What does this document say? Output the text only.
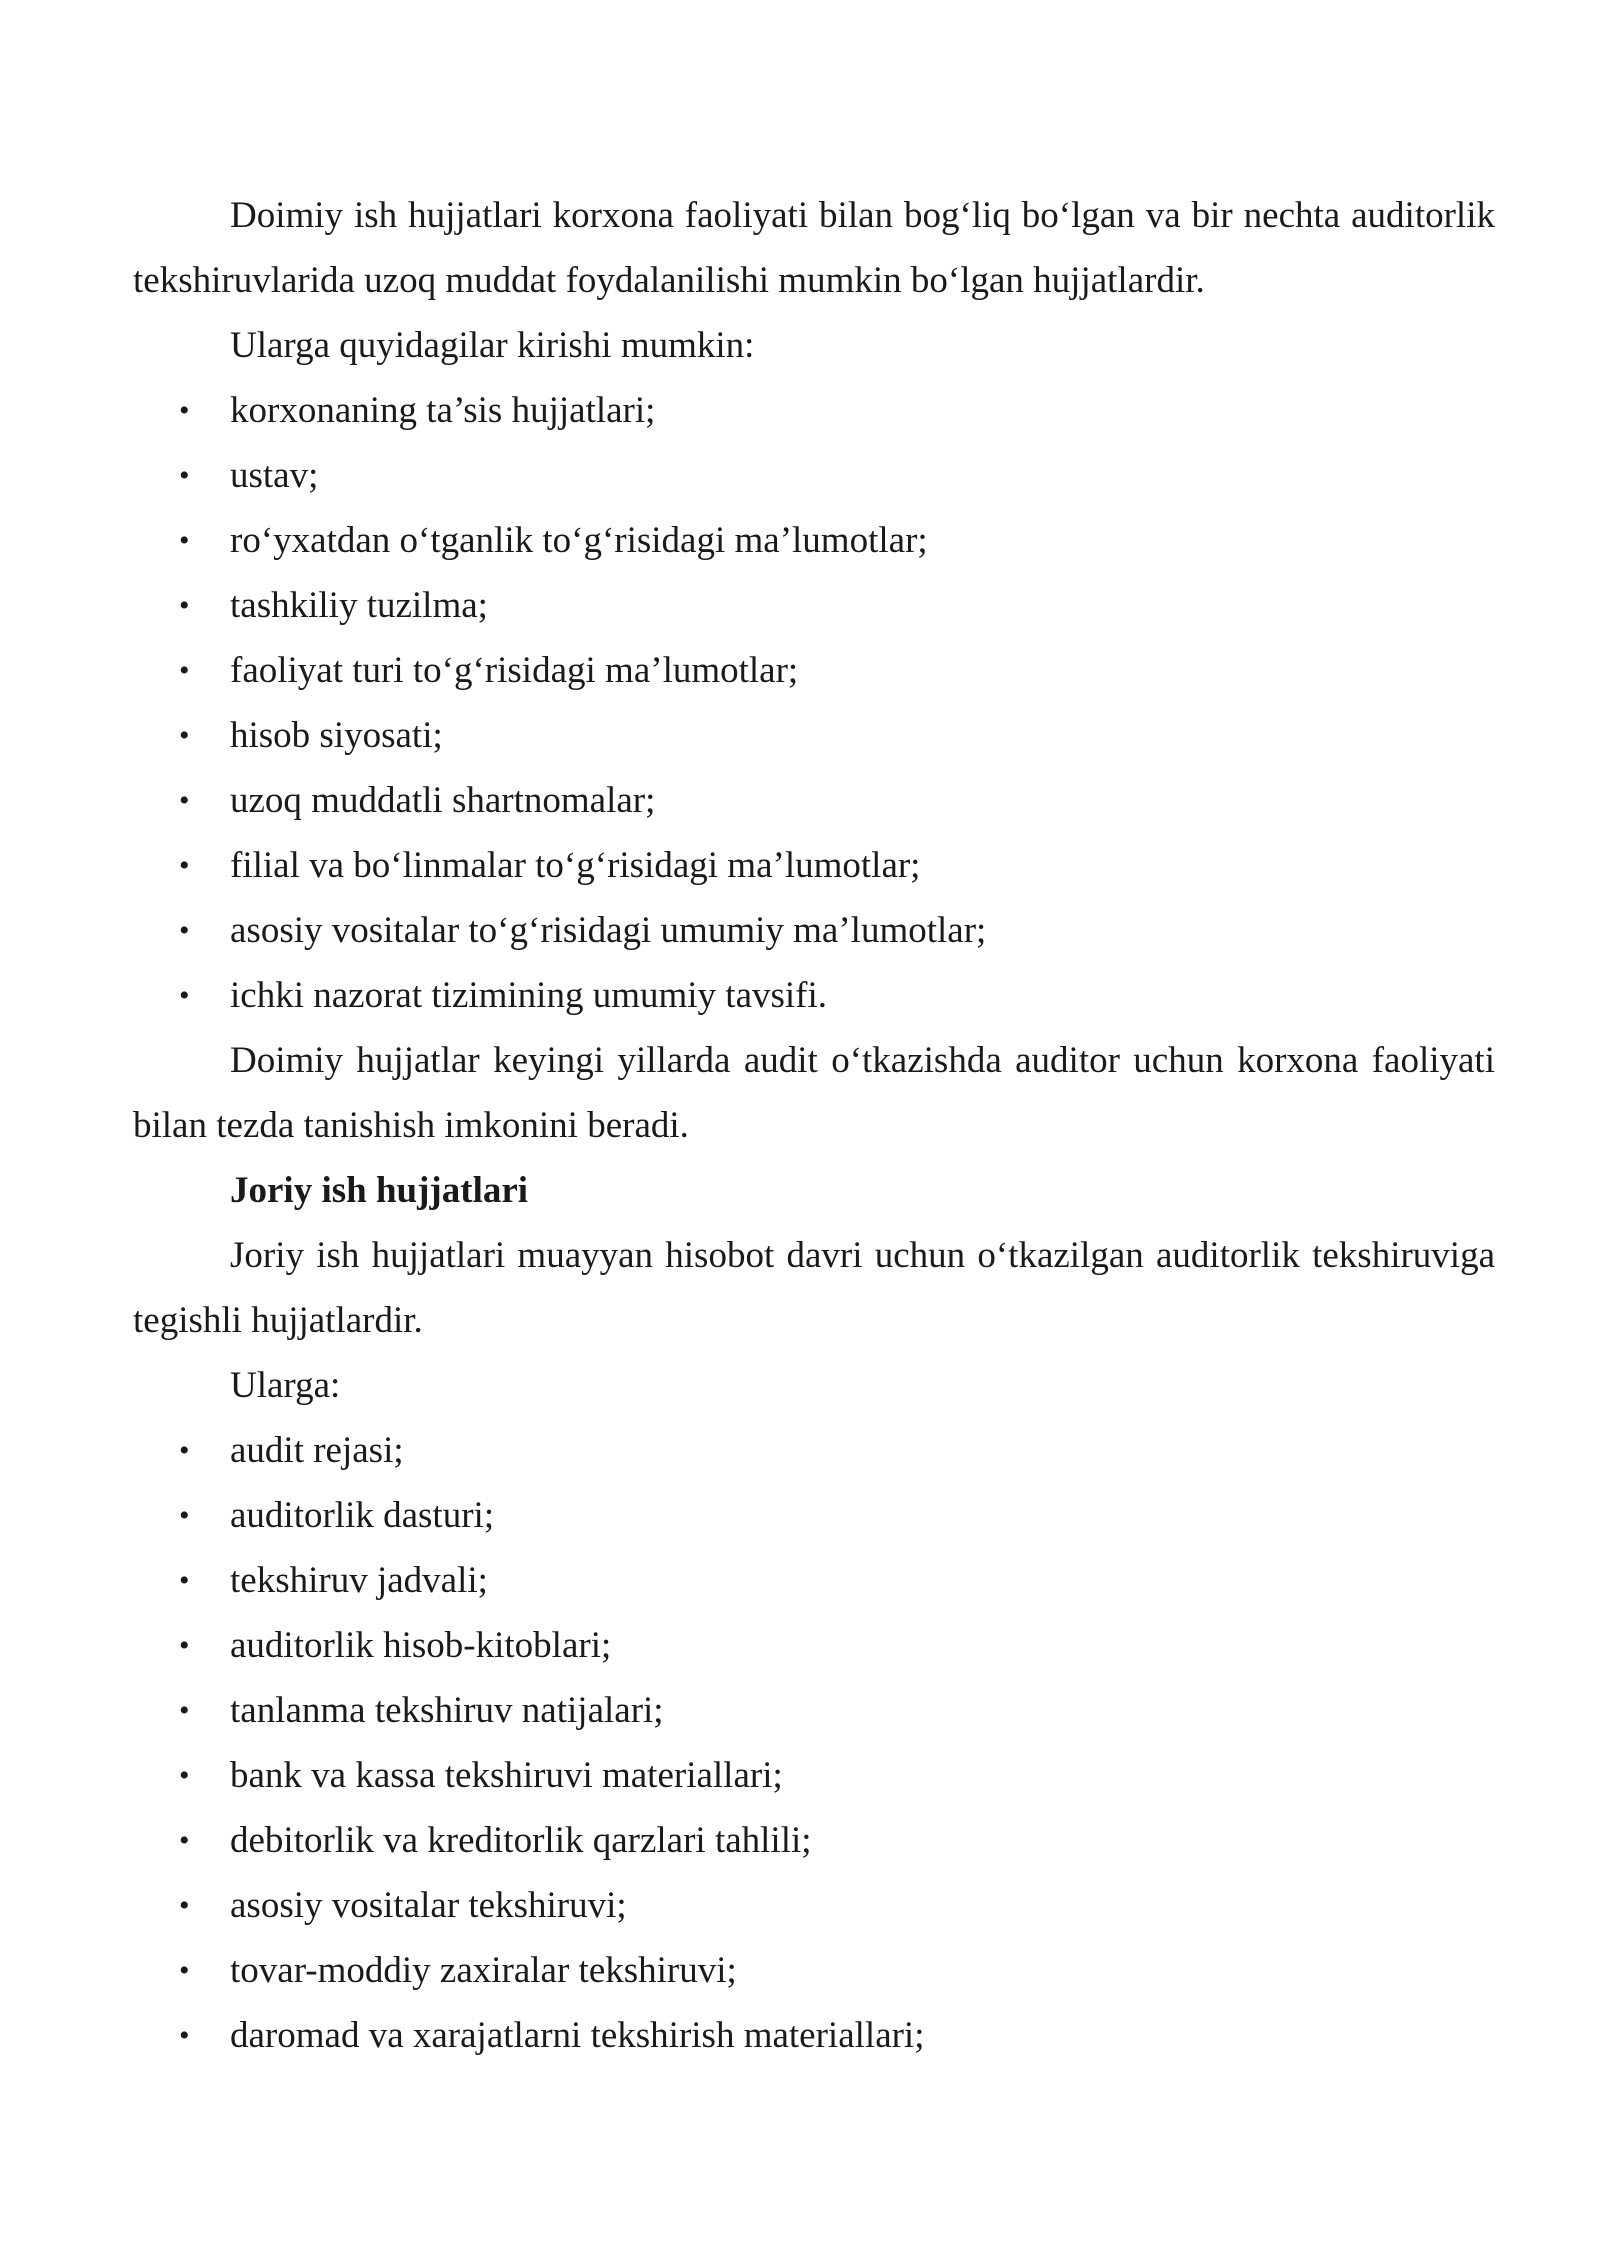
Doimiy ish hujjatlari korxona faoliyati bilan bog‘liq bo‘lgan va bir nechta auditorlik tekshiruvlarida uzoq muddat foydalanilishi mumkin bo‘lgan hujjatlardir.

Ularga quyidagilar kirishi mumkin:

• korxonaning ta’sis hujjatlari;
• ustav;
• ro‘yxatdan o‘tganlik to‘g‘risidagi ma’lumotlar;
• tashkiliy tuzilma;
• faoliyat turi to‘g‘risidagi ma’lumotlar;
• hisob siyosati;
• uzoq muddatli shartnomalar;
• filial va bo‘linmalar to‘g‘risidagi ma’lumotlar;
• asosiy vositalar to‘g‘risidagi umumiy ma’lumotlar;
• ichki nazorat tizimining umumiy tavsifi.

Doimiy hujjatlar keyingi yillarda audit o‘tkazishda auditor uchun korxona faoliyati bilan tezda tanishish imkonini beradi.

Joriy ish hujjatlari

Joriy ish hujjatlari muayyan hisobot davri uchun o‘tkazilgan auditorlik tekshiruviga tegishli hujjatlardir.

Ularga:

• audit rejasi;
• auditorlik dasturi;
• tekshiruv jadvali;
• auditorlik hisob-kitoblari;
• tanlanma tekshiruv natijalari;
• bank va kassa tekshiruvi materiallari;
• debitorlik va kreditorlik qarzlari tahlili;
• asosiy vositalar tekshiruvi;
• tovar-moddiy zaxiralar tekshiruvi;
• daromad va xarajatlarni tekshirish materiallari;
